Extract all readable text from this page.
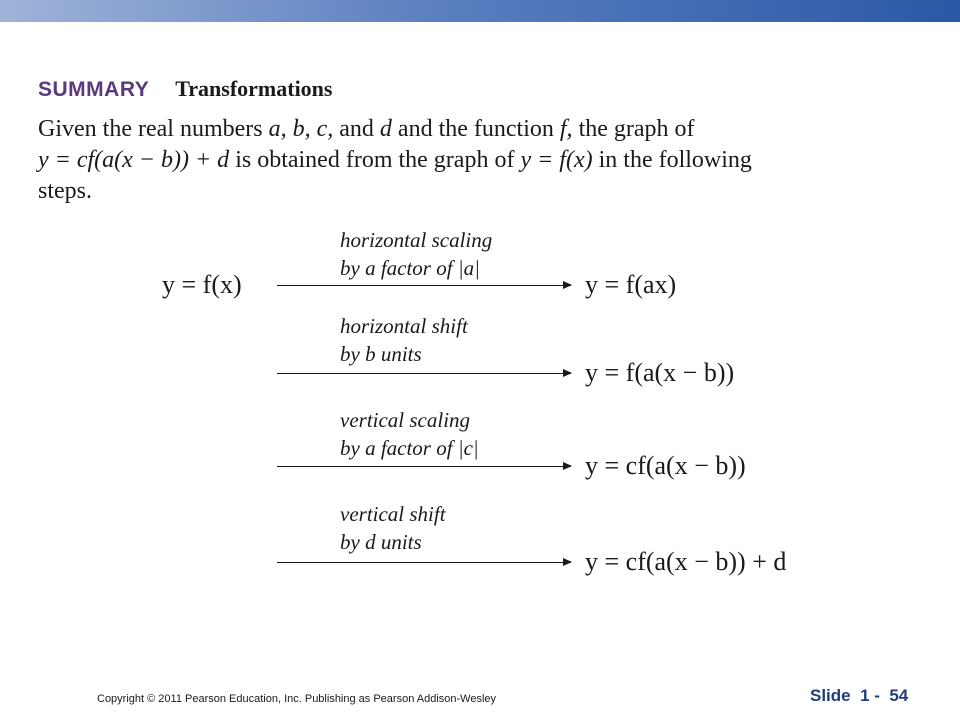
SUMMARY Transformations
Given the real numbers a, b, c, and d and the function f, the graph of
y = cf(a(x − b)) + d is obtained from the graph of y = f(x) in the following
steps.
y = f(x)
horizontal scaling
by a factor of |a|
y = f(ax)
horizontal shift
by b units
y = f(a(x − b))
vertical scaling
by a factor of |c|
y = cf(a(x − b))
vertical shift
by d units
y = cf(a(x − b)) + d
Copyright © 2011 Pearson Education, Inc. Publishing as Pearson Addison-Wesley	Slide  1 -  54
